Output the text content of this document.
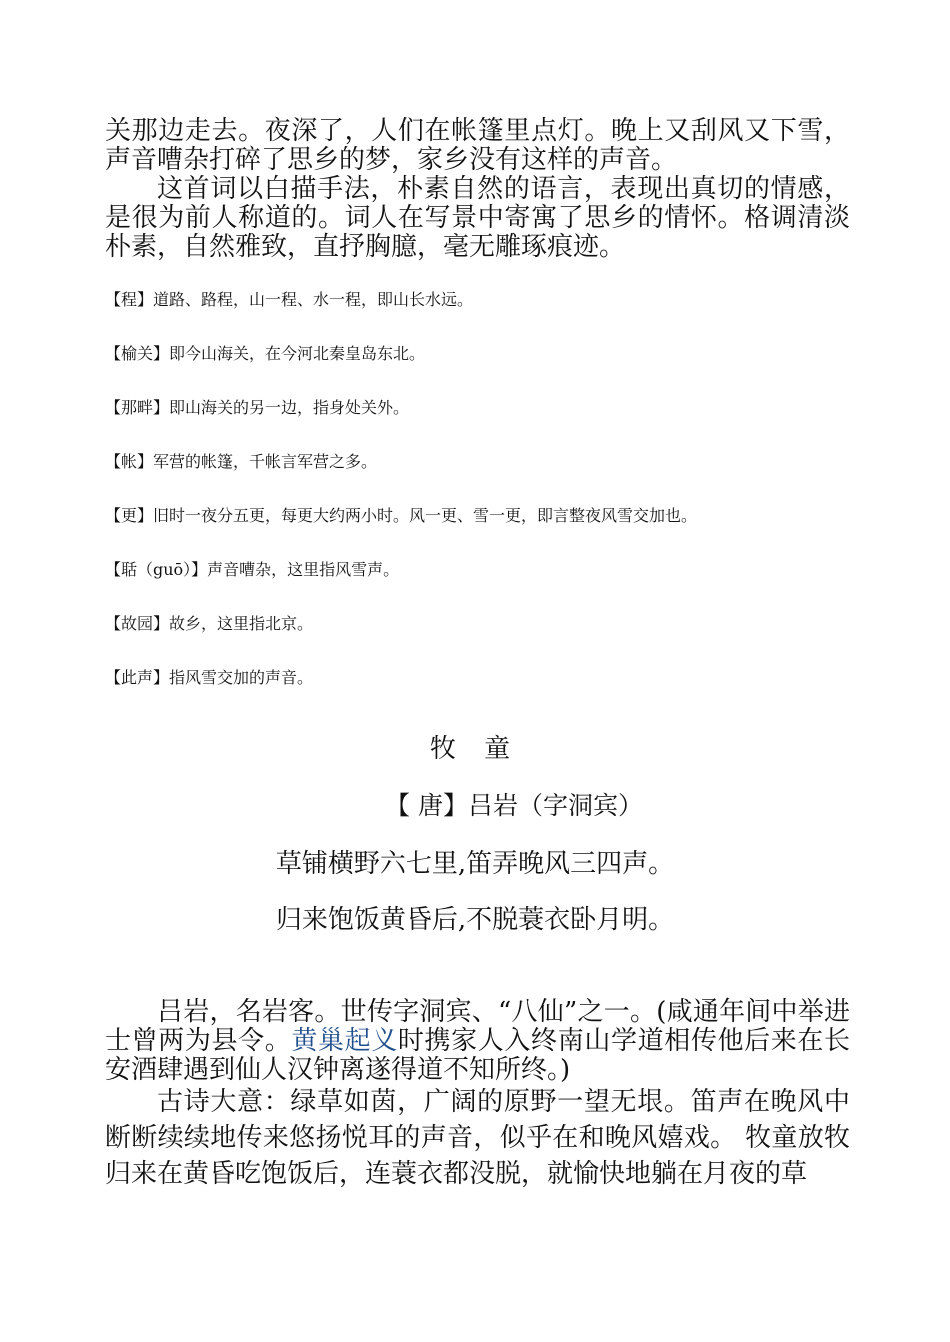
关那边走去。夜深了，人们在帐篷里点灯。晚上又刮风又下雪，声音嘈杂打碎了思乡的梦，家乡没有这样的声音。

这首词以白描手法，朴素自然的语言，表现出真切的情感，是很为前人称道的。词人在写景中寄寓了思乡的情怀。格调清淡朴素，自然雅致，直抒胸臆，毫无雕琢痕迹。

【程】道路、路程，山一程、水一程，即山长水远。

【榆关】即今山海关，在今河北秦皇岛东北。

【那畔】即山海关的另一边，指身处关外。

【帐】军营的帐篷，千帐言军营之多。

【更】旧时一夜分五更，每更大约两小时。风一更、雪一更，即言整夜风雪交加也。

【聒（guō）】声音嘈杂，这里指风雪声。

【故园】故乡，这里指北京。

【此声】指风雪交加的声音。

牧 童
【 唐】吕岩（字洞宾）
草铺横野六七里,笛弄晚风三四声。
归来饱饭黄昏后,不脱蓑衣卧月明。

吕岩，名岩客。世传字洞宾、“八仙”之一。(咸通年间中举进士曾两为县令。黄巢起义时携家人入终南山学道相传他后来在长安酒肆遇到仙人汉钟离遂得道不知所终。)

古诗大意：绿草如茵，广阔的原野一望无垠。笛声在晚风中断断续续地传来悠扬悦耳的声音，似乎在和晚风嬉戏。 牧童放牧归来在黄昏吃饱饭后，连蓑衣都没脱，就愉快地躺在月夜的草
